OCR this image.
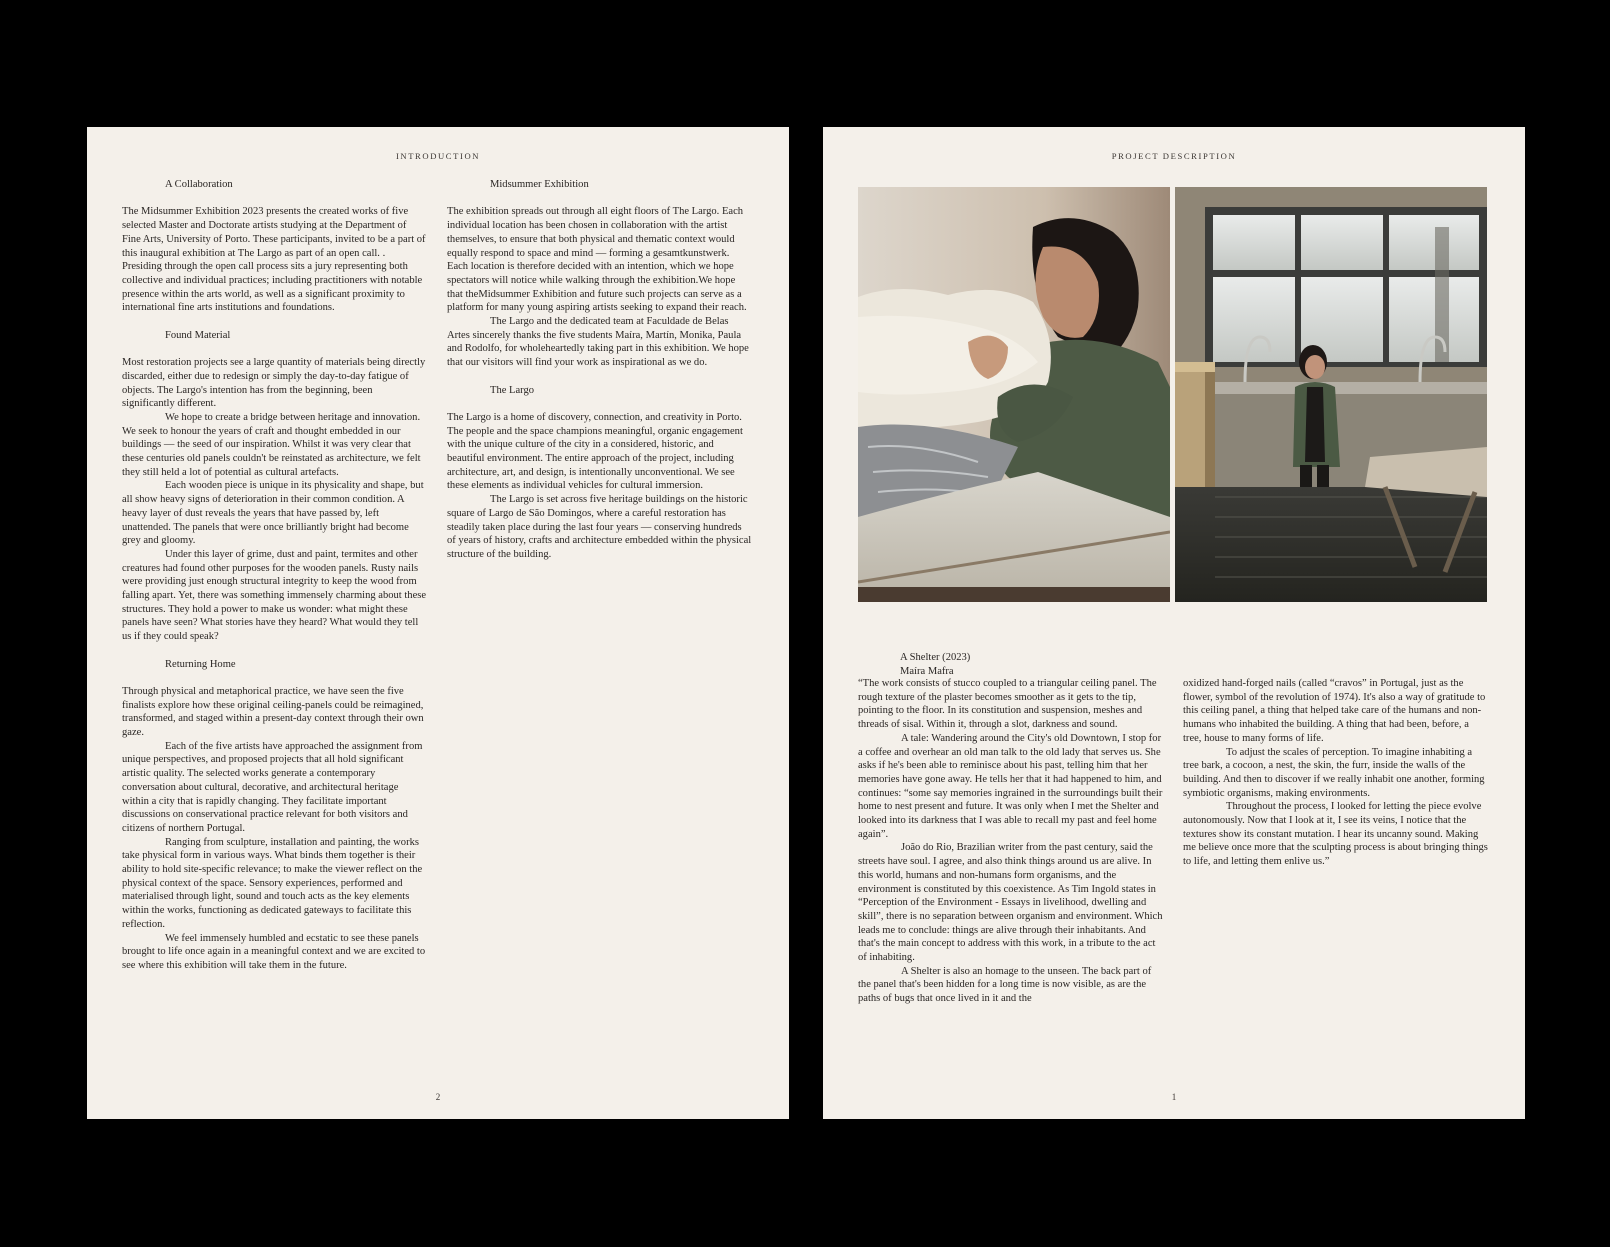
INTRODUCTION
A Collaboration

The Midsummer Exhibition 2023 presents the created works of five selected Master and Doctorate artists studying at the Department of Fine Arts, University of Porto. These participants, invited to be a part of this inaugural exhibition at The Largo as part of an open call. . Presiding through the open call process sits a jury representing both collective and individual practices; including practitioners with notable presence within the arts world, as well as a significant proximity to international fine arts institutions and foundations.

Found Material

Most restoration projects see a large quantity of materials being directly discarded, either due to redesign or simply the day-to-day fatigue of objects. The Largo's intention has from the beginning, been significantly different.

We hope to create a bridge between heritage and innovation. We seek to honour the years of craft and thought embedded in our buildings — the seed of our inspiration. Whilst it was very clear that these centuries old panels couldn't be reinstated as architecture, we felt they still held a lot of potential as cultural artefacts.

Each wooden piece is unique in its physicality and shape, but all show heavy signs of deterioration in their common condition. A heavy layer of dust reveals the years that have passed by, left unattended. The panels that were once brilliantly bright had become grey and gloomy.

Under this layer of grime, dust and paint, termites and other creatures had found other purposes for the wooden panels. Rusty nails were providing just enough structural integrity to keep the wood from falling apart. Yet, there was something immensely charming about these structures. They hold a power to make us wonder: what might these panels have seen? What stories have they heard? What would they tell us if they could speak?

Returning Home

Through physical and metaphorical practice, we have seen the five finalists explore how these original ceiling-panels could be reimagined, transformed, and staged within a present-day context through their own gaze.

Each of the five artists have approached the assignment from unique perspectives, and proposed projects that all hold significant artistic quality. The selected works generate a contemporary conversation about cultural, decorative, and architectural heritage within a city that is rapidly changing. They facilitate important discussions on conservational practice relevant for both visitors and citizens of northern Portugal.

Ranging from sculpture, installation and painting, the works take physical form in various ways. What binds them together is their ability to hold site-specific relevance; to make the viewer reflect on the physical context of the space. Sensory experiences, performed and materialised through light, sound and touch acts as the key elements within the works, functioning as dedicated gateways to facilitate this reflection.

We feel immensely humbled and ecstatic to see these panels brought to life once again in a meaningful context and we are excited to see where this exhibition will take them in the future.

Midsummer Exhibition

The exhibition spreads out through all eight floors of The Largo. Each individual location has been chosen in collaboration with the artist themselves, to ensure that both physical and thematic context would equally respond to space and mind — forming a gesamtkunstwerk. Each location is therefore decided with an intention, which we hope spectators will notice while walking through the exhibition.We hope that theMidsummer Exhibition and future such projects can serve as a platform for many young aspiring artists seeking to expand their reach.

The Largo and the dedicated team at Faculdade de Belas Artes sincerely thanks the five students Maíra, Martín, Monika, Paula and Rodolfo, for wholeheartedly taking part in this exhibition. We hope that our visitors will find your work as inspirational as we do.

The Largo

The Largo is a home of discovery, connection, and creativity in Porto. The people and the space champions meaningful, organic engagement with the unique culture of the city in a considered, historic, and beautiful environment. The entire approach of the project, including architecture, art, and design, is intentionally unconventional. We see these elements as individual vehicles for cultural immersion.

The Largo is set across five heritage buildings on the historic square of Largo de São Domingos, where a careful restoration has steadily taken place during the last four years — conserving hundreds of years of history, crafts and architecture embedded within the physical structure of the building.

2
PROJECT DESCRIPTION
A Shelter (2023)
Maíra Mafra

“The work consists of stucco coupled to a triangular ceiling panel. The rough texture of the plaster becomes smoother as it gets to the tip, pointing to the floor. In its constitution and suspension, meshes and threads of sisal. Within it, through a slot, darkness and sound.

A tale: Wandering around the City's old Downtown, I stop for a coffee and overhear an old man talk to the old lady that serves us. She asks if he's been able to reminisce about his past, telling him that her memories have gone away. He tells her that it had happened to him, and continues: “some say memories ingrained in the surroundings built their home to nest present and future. It was only when I met the Shelter and looked into its darkness that I was able to recall my past and feel home again”.

João do Rio, Brazilian writer from the past century, said the streets have soul. I agree, and also think things around us are alive. In this world, humans and non-humans form organisms, and the environment is constituted by this coexistence. As Tim Ingold states in “Perception of the Environment - Essays in livelihood, dwelling and skill”, there is no separation between organism and environment. Which leads me to conclude: things are alive through their inhabitants. And that's the main concept to address with this work, in a tribute to the act of inhabiting.

A Shelter is also an homage to the unseen. The back part of the panel that's been hidden for a long time is now visible, as are the paths of bugs that once lived in it and the

oxidized hand-forged nails (called “cravos” in Portugal, just as the flower, symbol of the revolution of 1974). It's also a way of gratitude to this ceiling panel, a thing that helped take care of the humans and non-humans who inhabited the building. A thing that had been, before, a tree, house to many forms of life.

To adjust the scales of perception. To imagine inhabiting a tree bark, a cocoon, a nest, the skin, the furr, inside the walls of the building. And then to discover if we really inhabit one another, forming symbiotic organisms, making environments.

Throughout the process, I looked for letting the piece evolve autonomously. Now that I look at it, I see its veins, I notice that the textures show its constant mutation. I hear its uncanny sound. Making me believe once more that the sculpting process is about bringing things to life, and letting them enlive us.”

1
